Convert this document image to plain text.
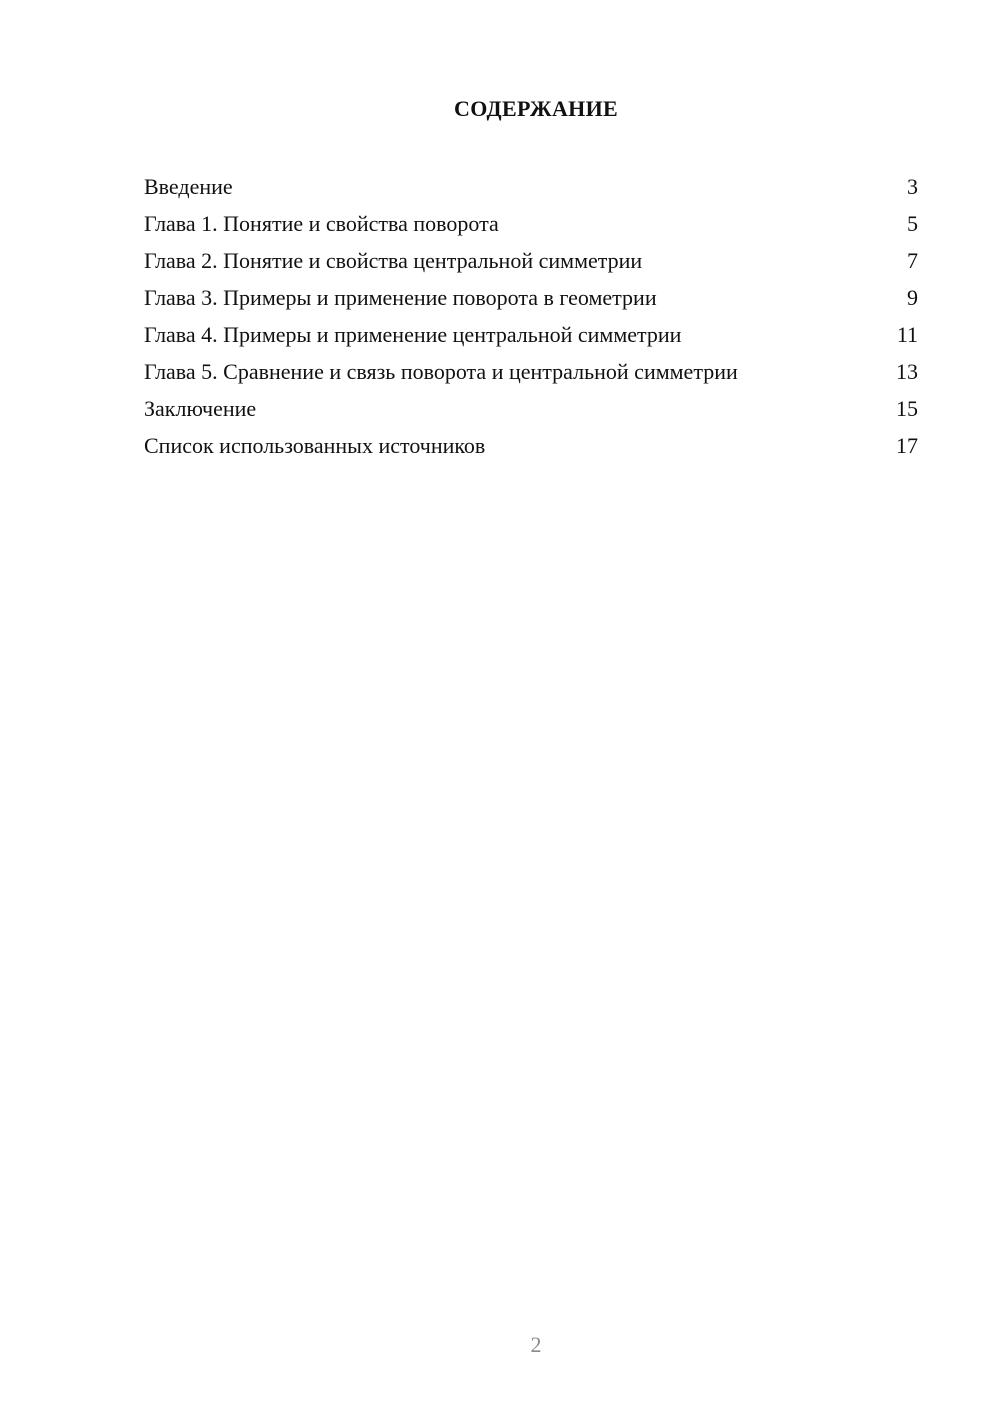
СОДЕРЖАНИЕ
Введение	3
Глава 1. Понятие и свойства поворота	5
Глава 2. Понятие и свойства центральной симметрии	7
Глава 3. Примеры и применение поворота в геометрии	9
Глава 4. Примеры и применение центральной симметрии	11
Глава 5. Сравнение и связь поворота и центральной симметрии	13
Заключение	15
Список использованных источников	17
2
